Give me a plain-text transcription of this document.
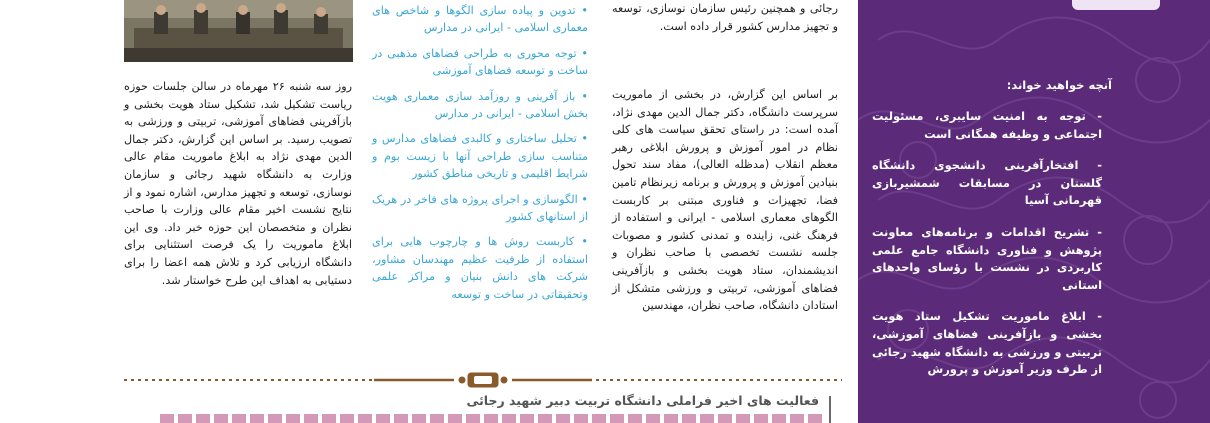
روز سه شنبه ۲۶ مهرماه در سالن جلسات حوزه ریاست تشکیل شد، تشکیل ستاد هویت بخشی و بازآفرینی فضاهای آموزشی، تربیتی و ورزشی به تصویب رسید. بر اساس این گزارش، دکتر جمال الدین مهدی نژاد به ابلاغ ماموریت مقام عالی وزارت به دانشگاه شهید رجائی و سازمان نوسازی، توسعه و تجهیز مدارس، اشاره نمود و از نتایج نشست اخیر مقام عالی وزارت با صاحب نظران و متخصصان این حوزه خبر داد. وی این ابلاغ ماموریت را یک فرصت استثنایی برای دانشگاه ارزیابی کرد و تلاش همه اعضا را برای دستیابی به اهداف این طرح خواستار شد.

• تدوین و پیاده سازی الگوها و شاخص های معماری اسلامی - ایرانی در مدارس
• توجه محوری به طراحی فضاهای مذهبی در ساخت و توسعه فضاهای آموزشی
• باز آفرینی و روزآمد سازی معماری هویت بخش اسلامی - ایرانی در مدارس
• تحلیل ساختاری و کالبدی فضاهای مدارس و متناسب سازی طراحی آنها با زیست بوم و شرایط اقلیمی و تاریخی مناطق کشور
• الگوسازی و اجرای پروژه های فاخر در هریک از استانهای کشور
• کاربست روش ها و چارچوب هایی برای استفاده از ظرفیت عظیم مهندسان مشاور، شرکت های دانش بنیان و مراکز علمی وتحقیقاتی در ساخت و توسعه

رجائی و همچنین رئیس سازمان نوسازی، توسعه و تجهیز مدارس کشور قرار داده است.

بر اساس این گزارش، در بخشی از ماموریت سرپرست دانشگاه، دکتر جمال الدین مهدی نژاد، آمده است: در راستای تحقق سیاست های کلی نظام در امور آموزش و پرورش ابلاغی رهبر معظم انقلاب (مدظله العالی)، مفاد سند تحول بنیادین آموزش و پرورش و برنامه زیرنظام تامین فضا، تجهیزات و فناوری مبتنی بر کاربست الگوهای معماری اسلامی - ایرانی و استفاده از فرهنگ غنی، زاینده و تمدنی کشور و مصوبات جلسه نشست تخصصی با صاحب نظران و اندیشمندان، ستاد هویت بخشی و بازآفرینی فضاهای آموزشی، تربیتی و ورزشی متشکل از استادان دانشگاه، صاحب نظران، مهندسین

آنچه خواهید خواند:
- توجه به امنیت سایبری، مسئولیت اجتماعی و وظیفه همگانی است
- افتخارآفرینی دانشجوی دانشگاه گلستان در مسابقات شمشیربازی قهرمانی آسیا
- تشریح اقدامات و برنامه‌های معاونت پژوهش و فناوری دانشگاه جامع علمی کاربردی در نشست با رؤسای واحدهای استانی
- ابلاغ ماموریت تشکیل ستاد هویت بخشی و بازآفرینی فضاهای آموزشی، تربیتی و ورزشی به دانشگاه شهید رجائی از طرف وزیر آموزش و پرورش
فعالیت های اخیر فراملی دانشگاه تربیت دبیر شهید رجائی
